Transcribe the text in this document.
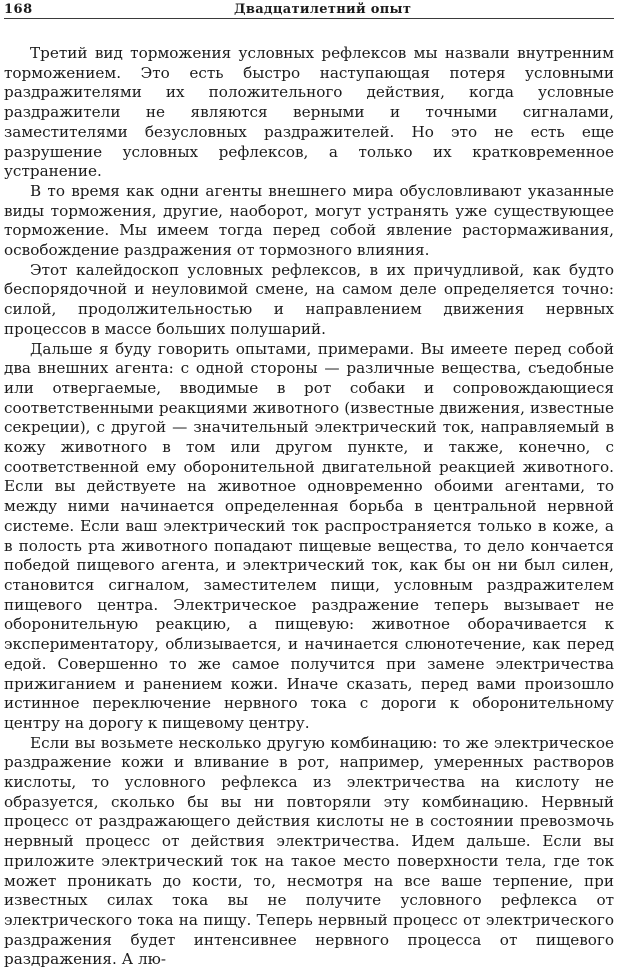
168	Двадцатилетний опыт

Третий вид торможения условных рефлексов мы назвали внутренним торможением. Это есть быстро наступающая потеря условными раздражителями их положительного действия, когда условные раздражители не являются верными и точными сигналами, заместителями безусловных раздражителей. Но это не есть еще разрушение условных рефлексов, а только их кратковременное устранение.

В то время как одни агенты внешнего мира обусловливают указанные виды торможения, другие, наоборот, могут устранять уже существующее торможение. Мы имеем тогда перед собой явление растормаживания, освобождение раздражения от тормозного влияния.

Этот калейдоскоп условных рефлексов, в их причудливой, как будто беспорядочной и неуловимой смене, на самом деле определяется точно: силой, продолжительностью и направлением движения нервных процессов в массе больших полушарий.

Дальше я буду говорить опытами, примерами. Вы имеете перед собой два внешних агента: с одной стороны — различные вещества, съедобные или отвергаемые, вводимые в рот собаки и сопровождающиеся соответственными реакциями животного (известные движения, известные секреции), с другой — значительный электрический ток, направляемый в кожу животного в том или другом пункте, и также, конечно, с соответственной ему оборонительной двигательной реакцией животного. Если вы действуете на животное одновременно обоими агентами, то между ними начинается определенная борьба в центральной нервной системе. Если ваш электрический ток распространяется только в коже, а в полость рта животного попадают пищевые вещества, то дело кончается победой пищевого агента, и электрический ток, как бы он ни был силен, становится сигналом, заместителем пищи, условным раздражителем пищевого центра. Электрическое раздражение теперь вызывает не оборонительную реакцию, а пищевую: животное оборачивается к экспериментатору, облизывается, и начинается слюнотечение, как перед едой. Совершенно то же самое получится при замене электричества прижиганием и ранением кожи. Иначе сказать, перед вами произошло истинное переключение нервного тока с дороги к оборонительному центру на дорогу к пищевому центру.

Если вы возьмете несколько другую комбинацию: то же электрическое раздражение кожи и вливание в рот, например, умеренных растворов кислоты, то условного рефлекса из электричества на кислоту не образуется, сколько бы вы ни повторяли эту комбинацию. Нервный процесс от раздражающего действия кислоты не в состоянии превозмочь нервный процесс от действия электричества. Идем дальше. Если вы приложите электрический ток на такое место поверхности тела, где ток может проникать до кости, то, несмотря на все ваше терпение, при известных силах тока вы не получите условного рефлекса от электрического тока на пищу. Теперь нервный процесс от электрического раздражения будет интенсивнее нервного процесса от пищевого раздражения. А лю-
